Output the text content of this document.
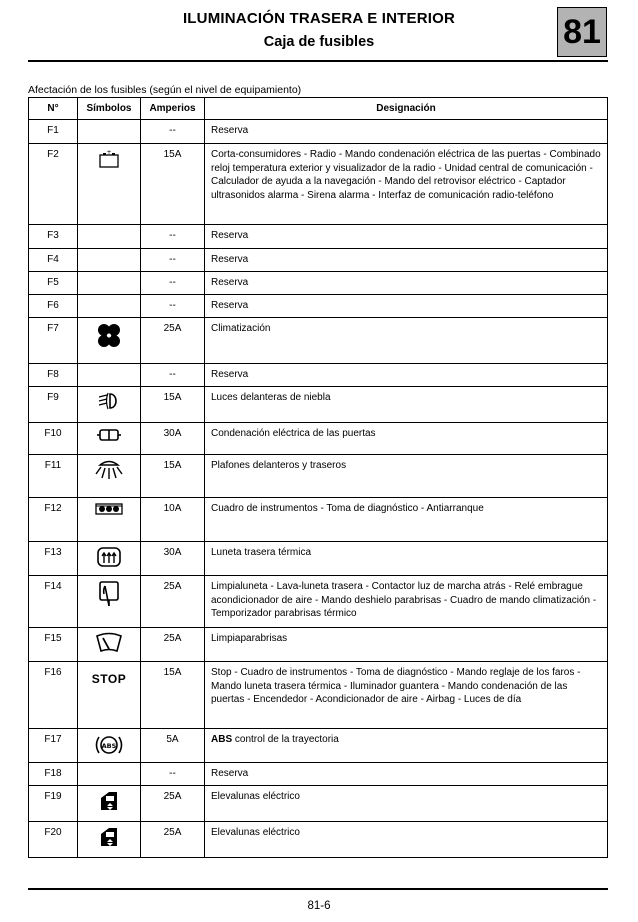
ILUMINACIÓN TRASERA E INTERIOR
Caja de fusibles	81
Afectación de los fusibles (según el nivel de equipamiento)
N°	Símbolos	Amperios	Designación
F1		--	Reserva
F2	+	15A	Corta-consumidores - Radio - Mando condenación eléctrica de las puertas - Combinado reloj temperatura exterior y visualizador de la radio - Unidad central de comunicación - Calculador de ayuda a la navegación - Mando del retrovisor eléctrico - Captador ultrasonidos alarma - Sirena alarma - Interfaz de comunicación radio-teléfono
F3		--	Reserva
F4		--	Reserva
F5		--	Reserva
F6		--	Reserva
F7		25A	Climatización
F8		--	Reserva
F9		15A	Luces delanteras de niebla
F10		30A	Condenación eléctrica de las puertas
F11		15A	Plafones delanteros y traseros
F12		10A	Cuadro de instrumentos - Toma de diagnóstico - Antiarranque
F13		30A	Luneta trasera térmica
F14		25A	Limpialuneta - Lava-luneta trasera - Contactor luz de marcha atrás - Relé embrague acondicionador de aire - Mando deshielo parabrisas - Cuadro de mando climatización - Temporizador parabrisas térmico
F15		25A	Limpiaparabrisas
F16	STOP	15A	Stop - Cuadro de instrumentos - Toma de diagnóstico - Mando reglaje de los faros - Mando luneta trasera térmica - Iluminador guantera - Mando condenación de las puertas - Encendedor - Acondicionador de aire - Airbag - Luces de día
F17	ABS	5A	ABS control de la trayectoria
F18		--	Reserva
F19		25A	Elevalunas eléctrico
F20		25A	Elevalunas eléctrico
81-6
